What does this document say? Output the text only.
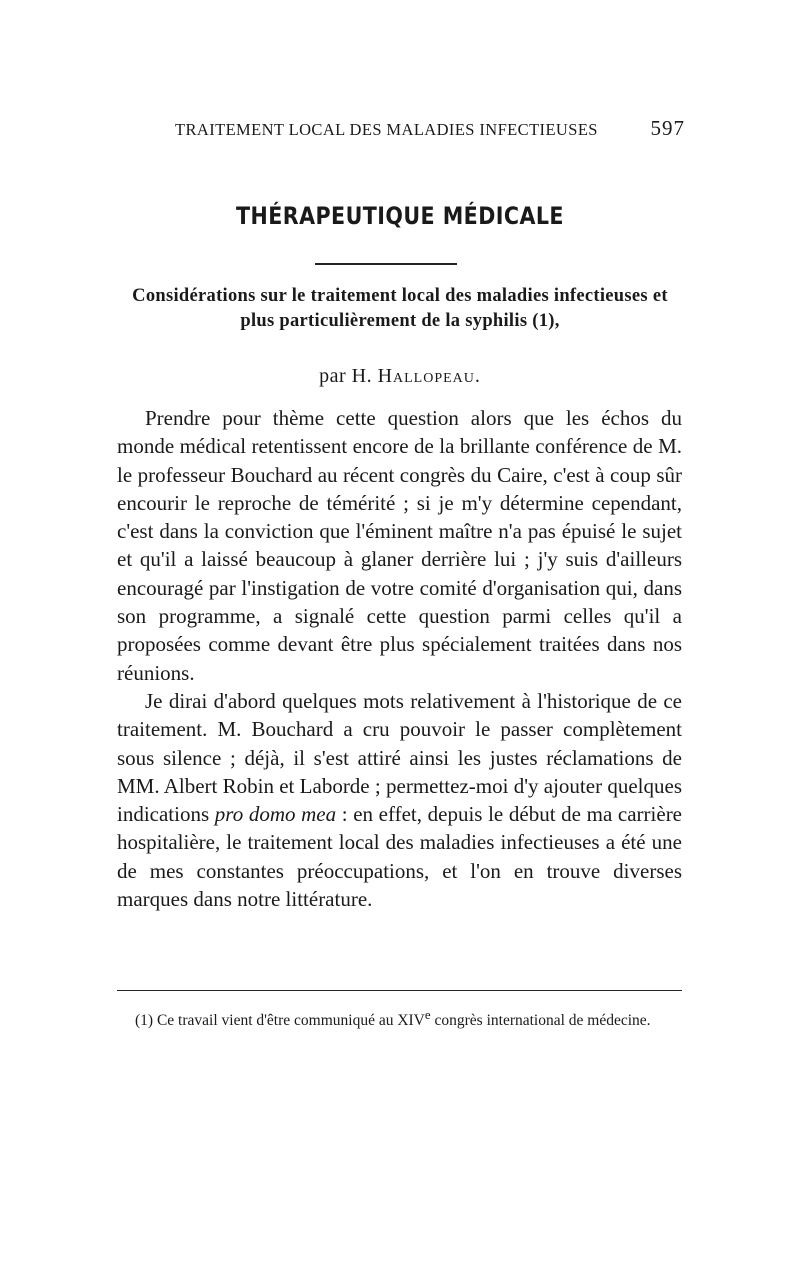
TRAITEMENT LOCAL DES MALADIES INFECTIEUSES	597
THÉRAPEUTIQUE MÉDICALE
Considérations sur le traitement local des maladies infectieuses et plus particulièrement de la syphilis (1),
par H. Hallopeau.

Prendre pour thème cette question alors que les échos du monde médical retentissent encore de la brillante conférence de M. le professeur Bouchard au récent congrès du Caire, c'est à coup sûr encourir le reproche de témérité ; si je m'y détermine cependant, c'est dans la conviction que l'éminent maître n'a pas épuisé le sujet et qu'il a laissé beaucoup à glaner derrière lui ; j'y suis d'ailleurs encouragé par l'instigation de votre comité d'organisation qui, dans son programme, a signalé cette question parmi celles qu'il a proposées comme devant être plus spécialement traitées dans nos réunions.

Je dirai d'abord quelques mots relativement à l'historique de ce traitement. M. Bouchard a cru pouvoir le passer complètement sous silence ; déjà, il s'est attiré ainsi les justes réclamations de MM. Albert Robin et Laborde ; permettez-moi d'y ajouter quelques indications pro domo mea : en effet, depuis le début de ma carrière hospitalière, le traitement local des maladies infectieuses a été une de mes constantes préoccupations, et l'on en trouve diverses marques dans notre littérature.

(1) Ce travail vient d'être communiqué au XIVe congrès international de médecine.
